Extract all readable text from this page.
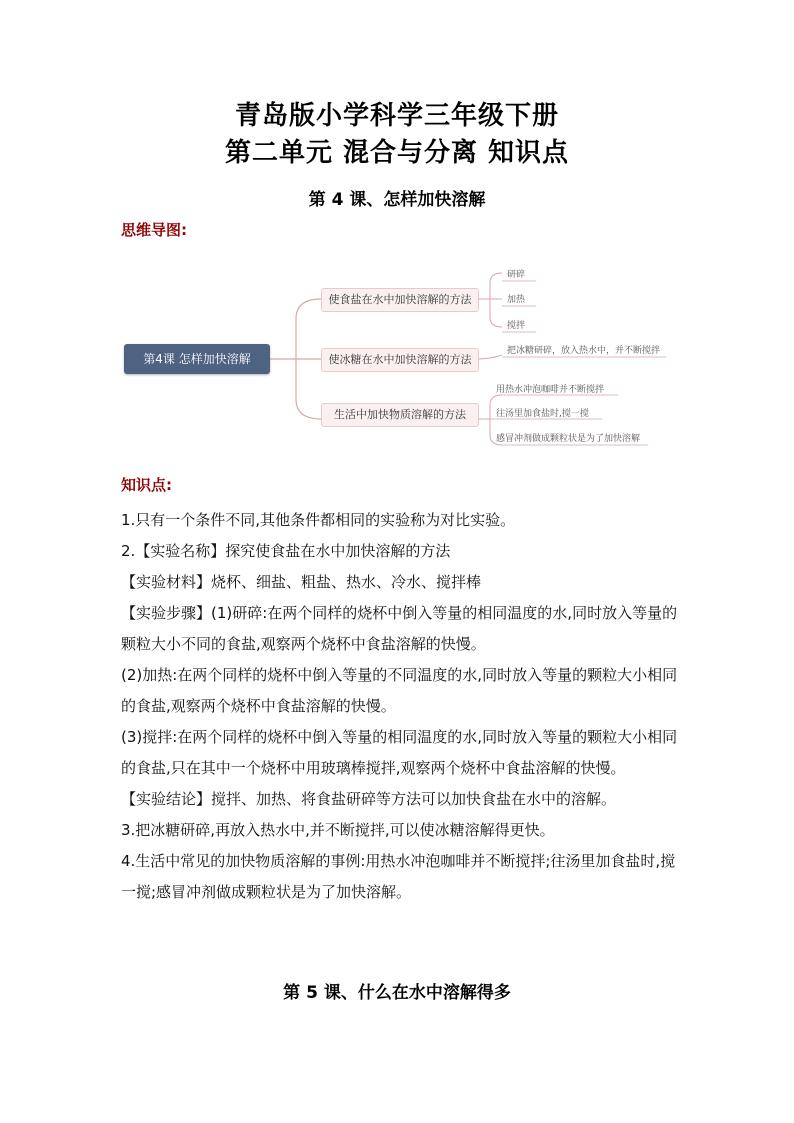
青岛版小学科学三年级下册
第二单元 混合与分离 知识点
第 4 课、怎样加快溶解
思维导图:
第4课 怎样加快溶解
使食盐在水中加快溶解的方法
使冰糖在水中加快溶解的方法
生活中加快物质溶解的方法
研碎
加热
搅拌
把冰糖研碎，放入热水中，并不断搅拌
用热水冲泡咖啡并不断搅拌
往汤里加食盐时,搅一搅
感冒冲剂做成颗粒状是为了加快溶解
知识点:

1.只有一个条件不同,其他条件都相同的实验称为对比实验。

2.【实验名称】探究使食盐在水中加快溶解的方法

【实验材料】烧杯、细盐、粗盐、热水、冷水、搅拌棒

【实验步骤】(1)研碎:在两个同样的烧杯中倒入等量的相同温度的水,同时放入等量的颗粒大小不同的食盐,观察两个烧杯中食盐溶解的快慢。

(2)加热:在两个同样的烧杯中倒入等量的不同温度的水,同时放入等量的颗粒大小相同的食盐,观察两个烧杯中食盐溶解的快慢。

(3)搅拌:在两个同样的烧杯中倒入等量的相同温度的水,同时放入等量的颗粒大小相同的食盐,只在其中一个烧杯中用玻璃棒搅拌,观察两个烧杯中食盐溶解的快慢。

【实验结论】搅拌、加热、将食盐研碎等方法可以加快食盐在水中的溶解。

3.把冰糖研碎,再放入热水中,并不断搅拌,可以使冰糖溶解得更快。

4.生活中常见的加快物质溶解的事例:用热水冲泡咖啡并不断搅拌;往汤里加食盐时,搅一搅;感冒冲剂做成颗粒状是为了加快溶解。

第 5 课、什么在水中溶解得多
